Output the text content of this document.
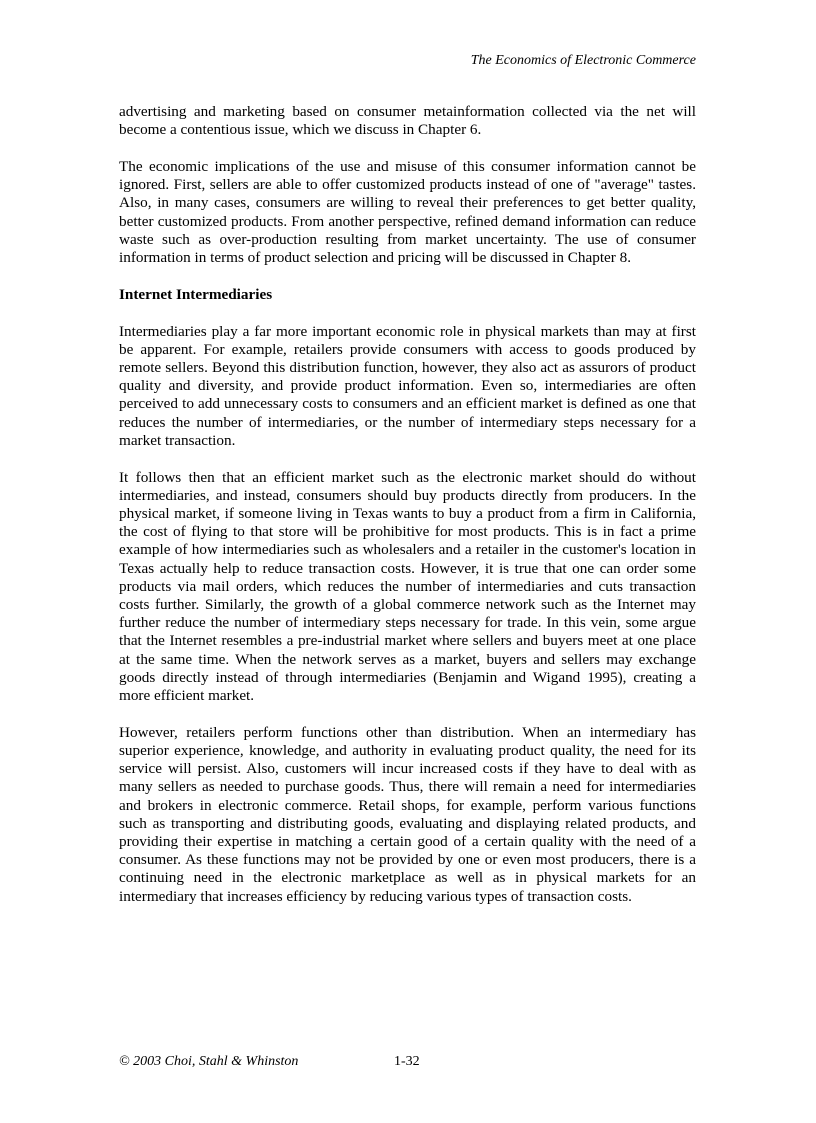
The Economics of Electronic Commerce

advertising and marketing based on consumer metainformation collected via the net will become a contentious issue, which we discuss in Chapter 6.

The economic implications of the use and misuse of this consumer information cannot be ignored. First, sellers are able to offer customized products instead of one of "average" tastes. Also, in many cases, consumers are willing to reveal their preferences to get better quality, better customized products. From another perspective, refined demand information can reduce waste such as over-production resulting from market uncertainty. The use of consumer information in terms of product selection and pricing will be discussed in Chapter 8.

Internet Intermediaries

Intermediaries play a far more important economic role in physical markets than may at first be apparent. For example, retailers provide consumers with access to goods produced by remote sellers. Beyond this distribution function, however, they also act as assurors of product quality and diversity, and provide product information. Even so, intermediaries are often perceived to add unnecessary costs to consumers and an efficient market is defined as one that reduces the number of intermediaries, or the number of intermediary steps necessary for a market transaction.

It follows then that an efficient market such as the electronic market should do without intermediaries, and instead, consumers should buy products directly from producers. In the physical market, if someone living in Texas wants to buy a product from a firm in California, the cost of flying to that store will be prohibitive for most products. This is in fact a prime example of how intermediaries such as wholesalers and a retailer in the customer's location in Texas actually help to reduce transaction costs. However, it is true that one can order some products via mail orders, which reduces the number of intermediaries and cuts transaction costs further. Similarly, the growth of a global commerce network such as the Internet may further reduce the number of intermediary steps necessary for trade. In this vein, some argue that the Internet resembles a pre-industrial market where sellers and buyers meet at one place at the same time. When the network serves as a market, buyers and sellers may exchange goods directly instead of through intermediaries (Benjamin and Wigand 1995), creating a more efficient market.

However, retailers perform functions other than distribution. When an intermediary has superior experience, knowledge, and authority in evaluating product quality, the need for its service will persist. Also, customers will incur increased costs if they have to deal with as many sellers as needed to purchase goods. Thus, there will remain a need for intermediaries and brokers in electronic commerce. Retail shops, for example, perform various functions such as transporting and distributing goods, evaluating and displaying related products, and providing their expertise in matching a certain good of a certain quality with the need of a consumer. As these functions may not be provided by one or even most producers, there is a continuing need in the electronic marketplace as well as in physical markets for an intermediary that increases efficiency by reducing various types of transaction costs.

© 2003 Choi, Stahl & Whinston	1-32
